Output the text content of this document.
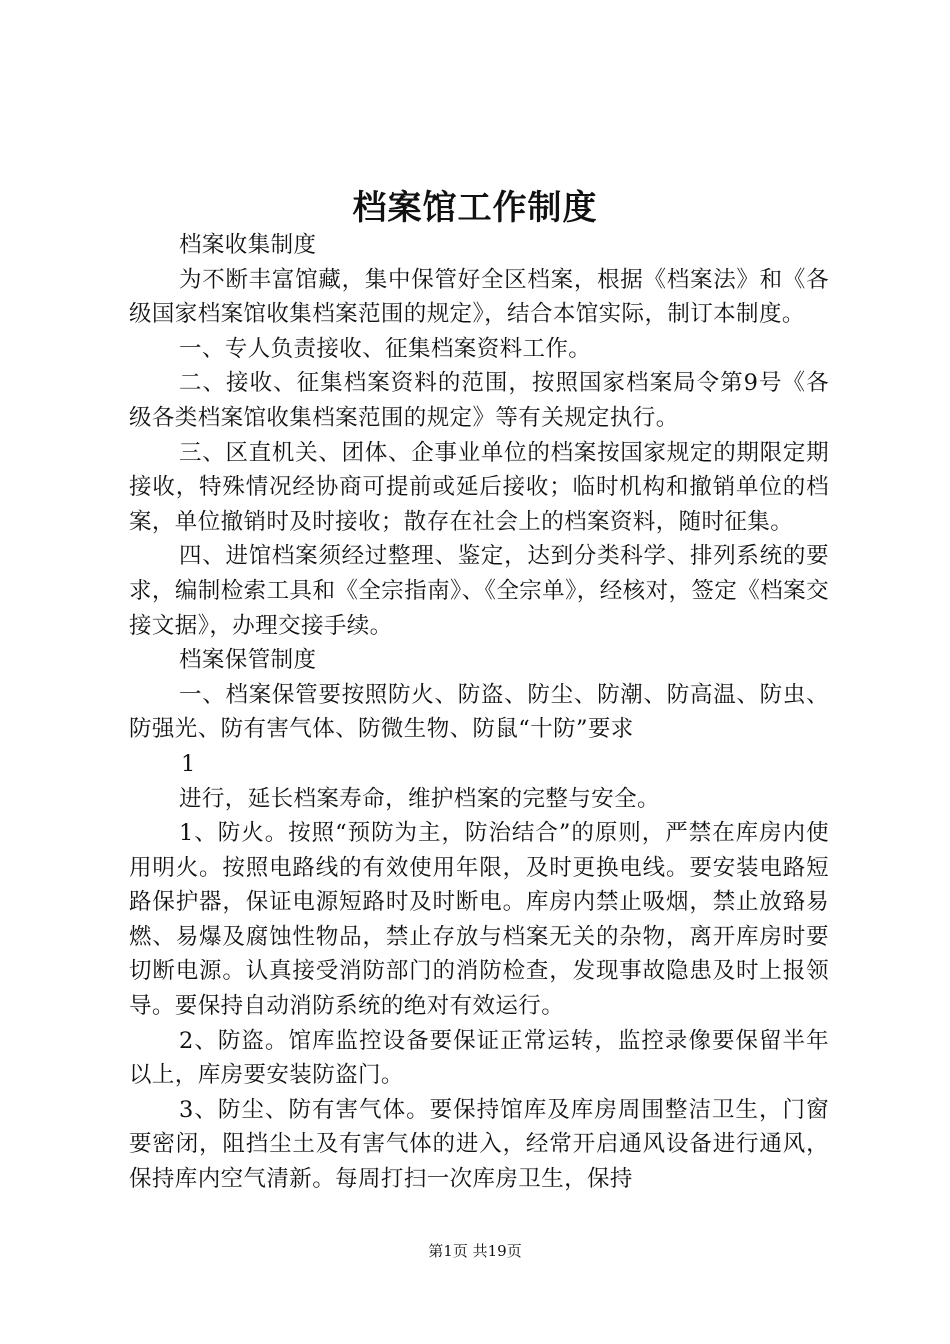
档案馆工作制度

档案收集制度

为不断丰富馆藏，集中保管好全区档案，根据《档案法》和《各级国家档案馆收集档案范围的规定》，结合本馆实际，制订本制度。

一、专人负责接收、征集档案资料工作。

二、接收、征集档案资料的范围，按照国家档案局令第9号《各级各类档案馆收集档案范围的规定》等有关规定执行。

三、区直机关、团体、企事业单位的档案按国家规定的期限定期接收，特殊情况经协商可提前或延后接收；临时机构和撤销单位的档案，单位撤销时及时接收；散存在社会上的档案资料，随时征集。

四、进馆档案须经过整理、鉴定，达到分类科学、排列系统的要求，编制检索工具和《全宗指南》、《全宗单》，经核对，签定《档案交接文据》，办理交接手续。

档案保管制度

一、档案保管要按照防火、防盗、防尘、防潮、防高温、防虫、防强光、防有害气体、防微生物、防鼠“十防”要求

1

进行，延长档案寿命，维护档案的完整与安全。

1、防火。按照“预防为主，防治结合”的原则，严禁在库房内使用明火。按照电路线的有效使用年限，及时更换电线。要安装电路短路保护器，保证电源短路时及时断电。库房内禁止吸烟，禁止放臵易燃、易爆及腐蚀性物品，禁止存放与档案无关的杂物，离开库房时要切断电源。认真接受消防部门的消防检查，发现事故隐患及时上报领导。要保持自动消防系统的绝对有效运行。

2、防盗。馆库监控设备要保证正常运转，监控录像要保留半年以上，库房要安装防盗门。

3、防尘、防有害气体。要保持馆库及库房周围整洁卫生，门窗要密闭，阻挡尘土及有害气体的进入，经常开启通风设备进行通风，保持库内空气清新。每周打扫一次库房卫生，保持

第1页 共19页
